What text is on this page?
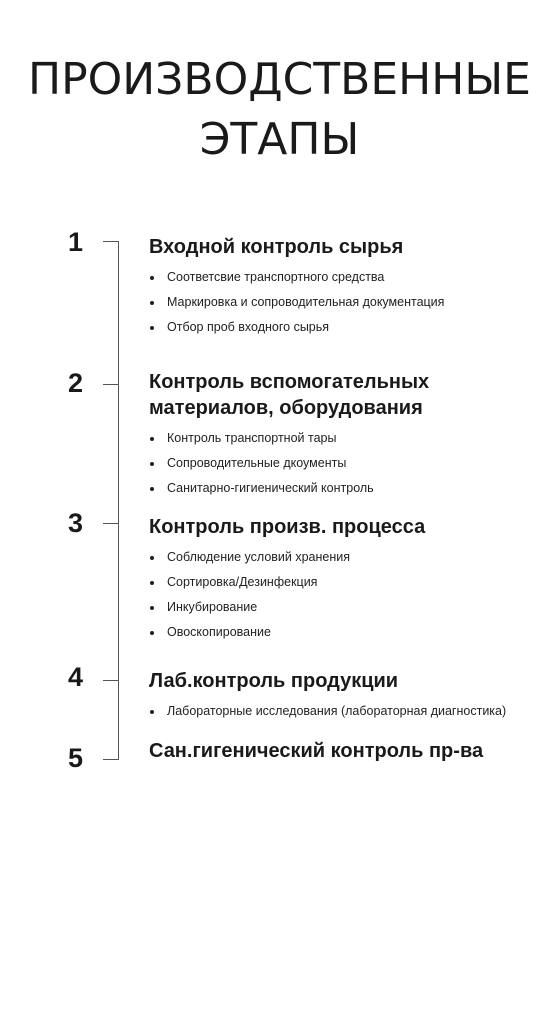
ПРОИЗВОДСТВЕННЫЕ
ЭТАПЫ
1	Входной контроль сырья
Соответсвие транспортного средства
Маркировка и сопроводительная документация
Отбор проб входного сырья
2	Контроль вспомогательных
материалов, оборудования
Контроль транспортной тары
Сопроводительные дкоументы
Санитарно-гигиенический контроль
3	Контроль произв. процесса
Соблюдение условий хранения
Сортировка/Дезинфекция
Инкубирование
Овоскопирование
4	Лаб.контроль продукции
Лабораторные исследования (лабораторная диагностика)
5	Сан.гигенический контроль пр-ва
